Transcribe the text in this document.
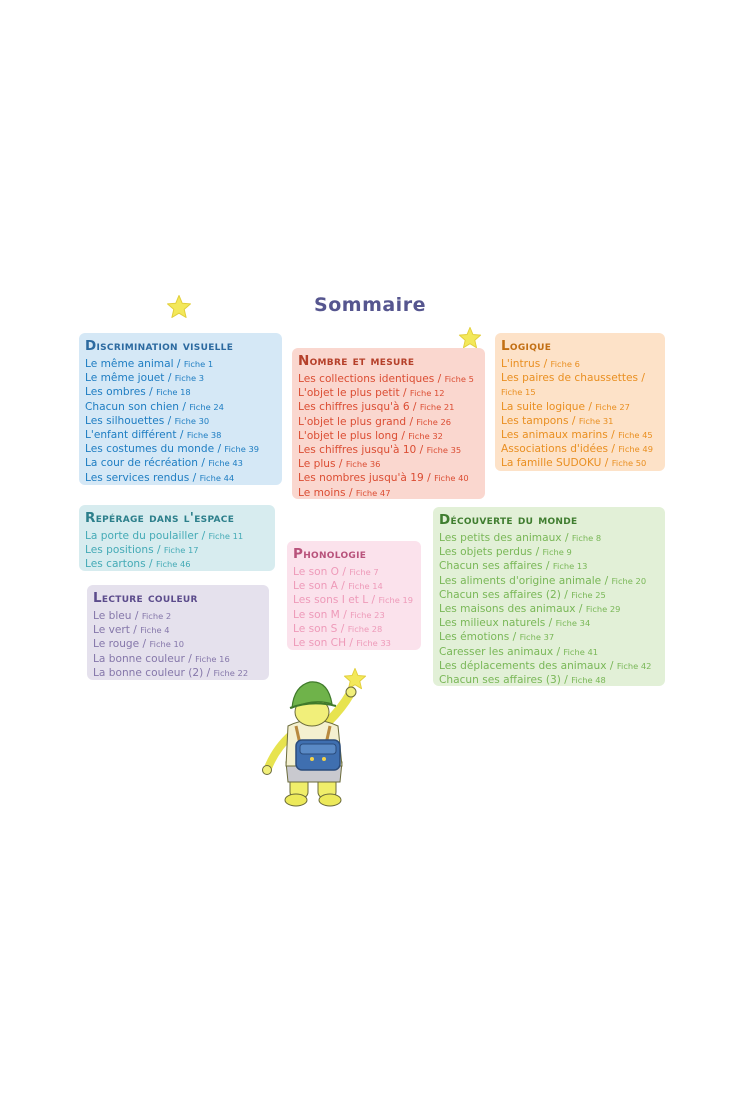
Sommaire
Discrimination visuelle
Le même animal / Fiche 1
Le même jouet / Fiche 3
Les ombres / Fiche 18
Chacun son chien / Fiche 24
Les silhouettes / Fiche 30
L'enfant différent / Fiche 38
Les costumes du monde / Fiche 39
La cour de récréation / Fiche 43
Les services rendus / Fiche 44
Nombre et mesure
Les collections identiques / Fiche 5
L'objet le plus petit / Fiche 12
Les chiffres jusqu'à 6 / Fiche 21
L'objet le plus grand / Fiche 26
L'objet le plus long / Fiche 32
Les chiffres jusqu'à 10 / Fiche 35
Le plus / Fiche 36
Les nombres jusqu'à 19 / Fiche 40
Le moins / Fiche 47
Logique
L'intrus / Fiche 6
Les paires de chaussettes /
Fiche 15
La suite logique / Fiche 27
Les tampons / Fiche 31
Les animaux marins / Fiche 45
Associations d'idées / Fiche 49
La famille SUDOKU / Fiche 50
Repérage dans l'espace
La porte du poulailler / Fiche 11
Les positions / Fiche 17
Les cartons / Fiche 46
Phonologie
Le son O / Fiche 7
Le son A / Fiche 14
Les sons I et L / Fiche 19
Le son M / Fiche 23
Le son S / Fiche 28
Le son CH / Fiche 33
Lecture couleur
Le bleu / Fiche 2
Le vert / Fiche 4
Le rouge / Fiche 10
La bonne couleur / Fiche 16
La bonne couleur (2) / Fiche 22
Découverte du monde
Les petits des animaux / Fiche 8
Les objets perdus / Fiche 9
Chacun ses affaires / Fiche 13
Les aliments d'origine animale / Fiche 20
Chacun ses affaires (2) / Fiche 25
Les maisons des animaux / Fiche 29
Les milieux naturels / Fiche 34
Les émotions / Fiche 37
Caresser les animaux / Fiche 41
Les déplacements des animaux / Fiche 42
Chacun ses affaires (3) / Fiche 48
